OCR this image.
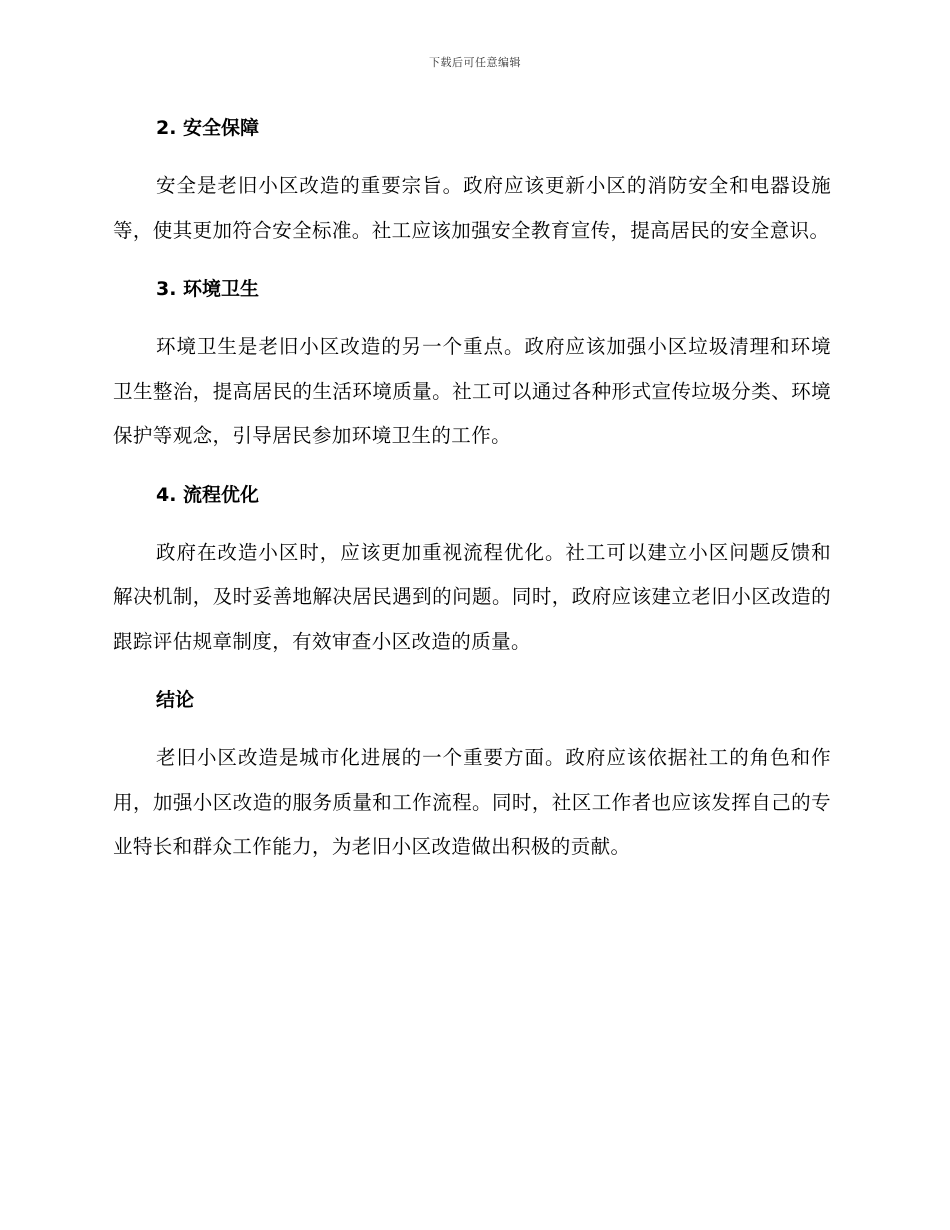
下载后可任意编辑
2. 安全保障

安全是老旧小区改造的重要宗旨。政府应该更新小区的消防安全和电器设施等，使其更加符合安全标准。社工应该加强安全教育宣传，提高居民的安全意识。

3. 环境卫生

环境卫生是老旧小区改造的另一个重点。政府应该加强小区垃圾清理和环境卫生整治，提高居民的生活环境质量。社工可以通过各种形式宣传垃圾分类、环境保护等观念，引导居民参加环境卫生的工作。

4. 流程优化

政府在改造小区时，应该更加重视流程优化。社工可以建立小区问题反馈和解决机制，及时妥善地解决居民遇到的问题。同时，政府应该建立老旧小区改造的跟踪评估规章制度，有效审查小区改造的质量。

结论

老旧小区改造是城市化进展的一个重要方面。政府应该依据社工的角色和作用，加强小区改造的服务质量和工作流程。同时，社区工作者也应该发挥自己的专业特长和群众工作能力，为老旧小区改造做出积极的贡献。
